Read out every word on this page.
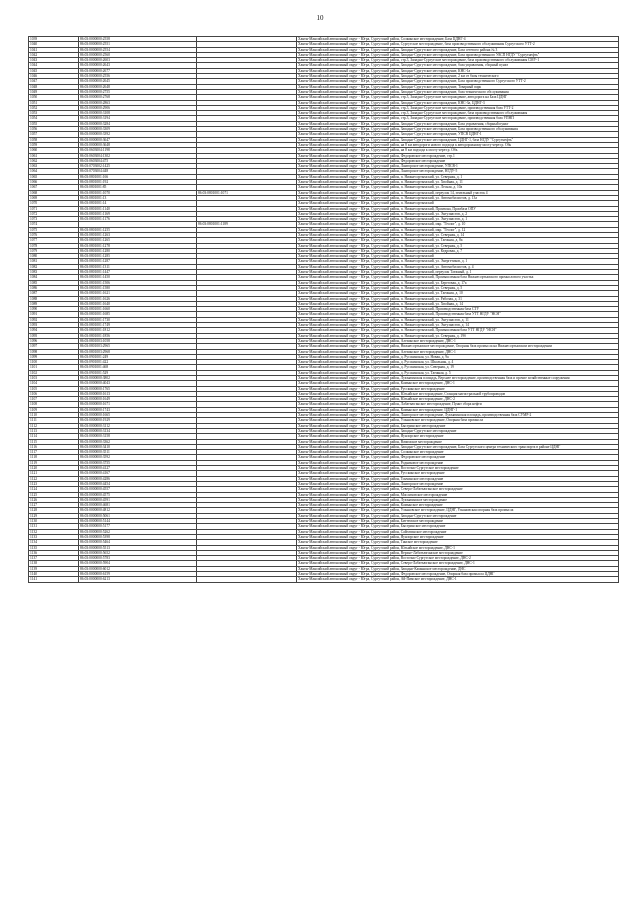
10
1039	86:03:0000000:2558		Ханты-Мансийский автономный округ - Югра, Сургутский район, Солкинское месторождение, База ЦДНГ-4
1040	86:03:0000000:2551		Ханты-Мансийский автономный округ - Югра, Сургутский район, Сургутское месторождение, база производственного обслуживания Сургутского УТТ-2
1041	86:03:0000000:2554		Ханты-Мансийский автономный округ - Югра, Сургутский район, Западно-Сургутское месторождение, База сетевого района № 3
1042	86:03:0000000:2560		Ханты-Мансийский автономный округ - Югра, Сургутский район, Западно-Сургутское месторождение, База производственного УАСП НГДУ "Сургутнефть"
1043	86:03:0000000:2603		Ханты-Мансийский автономный округ - Югра, Сургутский район, стр.3, Западно-Сургутское месторождение, база производственного обслуживания СМУ-1
1044	86:03:0000000:2643		Ханты-Мансийский автономный округ - Югра, Сургутский район, Западно-Сургутское месторождение, база управления, сборный пункт
1045	86:03:0000000:2677		Ханты-Мансийский автономный округ - Югра, Сургутский район, Западно-Сургутское месторождение, КНС-1а
1046	86:03:0000000:2556		Ханты-Мансийский автономный округ - Югра, Сургутский район, Западно-Сургутское месторождение, 2 км от базы технического
1047	86:03:0000000:2645		Ханты-Мансийский автономный округ - Югра, Сургутский район, Западно-Сургутское месторождение, База производственного Сургутского УТТ-2
1048	86:03:0000000:2648		Ханты-Мансийский автономный округ - Югра, Сургутский район, Западно-Сургутское месторождение, Товарный парк
1049	86:03:0000000:2755		Ханты-Мансийский автономный округ - Югра, Сургутский район, Западно-Сургутское месторождение, база технического обслуживания
1050	86:03:0000000:2768		Ханты-Мансийский автономный округ - Югра, Сургутский район, стр.3, Западно-Сургутское месторождение, автодорога на База ЦДНГ
1051	86:03:0000000:2863		Ханты-Мансийский автономный округ - Югра, Сургутский район, Западно-Сургутское месторождение, КНС-3а, ЦДНГ-3
1052	86:03:0000000:2906		Ханты-Мансийский автономный округ - Югра, Сургутский район, стр.3, Западно-Сургутское месторождение, производственная база УТТ-2
1053	86:03:0000000:3108		Ханты-Мансийский автономный округ - Югра, Сургутский район, стр.3, Западно-Сургутское месторождение, база производственного обслуживания
1054	86:03:0000000:3194		Ханты-Мансийский автономный округ - Югра, Сургутский район, стр.3, Западно-Сургутское месторождение, производственная база УПНП
1055	86:03:0000000:3284		Ханты-Мансийский автономный округ - Югра, Сургутский район, Западно-Сургутское месторождение, База управления, сборный пункт
1056	86:03:0000000:3309		Ханты-Мансийский автономный округ - Югра, Сургутский район, Западно-Сургутское месторождение, База производственного обслуживания
1057	86:03:0000000:3392		Ханты-Мансийский автономный округ - Югра, Сургутский район, Западно-Сургутское месторождение, УПСВ ЦДНГ-1
1058	86:03:0000000:3647		Ханты-Мансийский автономный округ - Югра, Сургутский район, Западно-Сургутское месторождение, ЦДНГ-1, база НГДУ "Сургутнефть"
1059	86:03:0000000:3648		Ханты-Мансийский автономный округ - Югра, Сургутский район, на 8 км автодороги нового подхода к автодорожному мосту через р. Обь
1060	86:03:0603004:1198		Ханты-Мансийский автономный округ - Югра, Сургутский район, на 8 км подхода к мосту через р. Обь
1061	86:03:0603004:1302		Ханты-Мансийский автономный округ - Югра, Сургутский район, Федоровское месторождение, стр.1
1062	86:03:0603004:475		Ханты-Мансийский автономный округ - Югра, Сургутский район, Федоровское месторождение
1063	86:03:0703002:1425		Ханты-Мансийский автономный округ - Югра, Сургутский район, Лянторское месторождение, УПСВ-1
1064	86:03:0703004:448		Ханты-Мансийский автономный округ - Югра, Сургутский район, Лянторское месторождение, НГДУ-5
1065	86:03:0801001:166		Ханты-Мансийский автономный округ - Югра, Сургутский район, п. Нижнесортымский, ул. Северная, д. 1
1066	86:03:0801001:192		Ханты-Мансийский автономный округ - Югра, Сургутский район, п. Нижнесортымский, ул. Хвойная, д. 11
1067	86:03:0801001:85		Ханты-Мансийский автономный округ - Югра, Сургутский район, п. Нижнесортымский, ул. Лесная, д. 10а
1068	86:03:0801001:1070	86:03:0801001:1071	Ханты-Мансийский автономный округ - Югра, Сургутский район, п. Нижнесортымский, переулок 14, земельный участок 4
1069	86:03:0801001:13		Ханты-Мансийский автономный округ - Югра, Сургутский район, п. Нижнесортымский, ул. Автомобилистов, д. 13а
1070	86:03:0801001:14		Ханты-Мансийский автономный округ - Югра, Сургутский район, п. Нижнесортымский
1071	86:03:0801001:1140		Ханты-Мансийский автономный округ - Югра, Сургутский район, п. Нижнесортымский, Промзона, Промбаза ОПУ
1072	86:03:0801001:1169		Ханты-Мансийский автономный округ - Югра, Сургутский район, п. Нижнесортымский, ул. Энтузиастов, д. 2
1073	86:03:0801001:1176		Ханты-Мансийский автономный округ - Югра, Сургутский район, п. Нижнесортымский, ул. Энтузиастов, д. 1
1074		86:03:0801001:1189	Ханты-Мансийский автономный округ - Югра, Сургутский район, п. Нижнесортымский, мкр. "Геолог", д. 10
1075	86:03:0801001:1255		Ханты-Мансийский автономный округ - Югра, Сургутский район, п. Нижнесортымский, мкр. "Геолог", д. 12
1076	86:03:0801001:1263		Ханты-Мансийский автономный округ - Югра, Сургутский район, п. Нижнесортымский, ул. Северная, д. 14
1077	86:03:0801001:1265		Ханты-Мансийский автономный округ - Югра, Сургутский район, п. Нижнесортымский, ул. Таежная, д. 8а
1078	86:03:0801001:1278		Ханты-Мансийский автономный округ - Югра, Сургутский район, п. Нижнесортымский, ул. Северная, д. 5
1079	86:03:0801001:1280		Ханты-Мансийский автономный округ - Югра, Сургутский район, п. Нижнесортымский, ул. Кедровая, д. 7
1080	86:03:0801001:1285		Ханты-Мансийский автономный округ - Югра, Сургутский район, п. Нижнесортымский
1081	86:03:0801001:1287		Ханты-Мансийский автономный округ - Югра, Сургутский район, п. Нижнесортымский, ул. Энергетиков, д. 1
1082	86:03:0801001:1311		Ханты-Мансийский автономный округ - Югра, Сургутский район, п. Нижнесортымский, ул. Автомобилистов, д. 4
1083	86:03:0801001:1447		Ханты-Мансийский автономный округ - Югра, Сургутский район, п. Нижнесортымский, переулок Таежный, д. 1
1084	86:03:0801001:1450		Ханты-Мансийский автономный округ - Югра, Сургутский район, п. Нижнесортымский, Промышленная база Нижнесортымского промыслового участка
1085	86:03:0801001:1506		Ханты-Мансийский автономный округ - Югра, Сургутский район, п. Нижнесортымский, ул. Береговая, д. 17а
1086	86:03:0801001:1580		Ханты-Мансийский автономный округ - Югра, Сургутский район, п. Нижнесортымский, ул. Северная, д. 5
1087	86:03:0801001:1621		Ханты-Мансийский автономный округ - Югра, Сургутский район, п. Нижнесортымский, ул. Таежная, д. 10
1088	86:03:0801001:1626		Ханты-Мансийский автономный округ - Югра, Сургутский район, п. Нижнесортымский, ул. Рабочая, д. 31
1089	86:03:0801001:1640		Ханты-Мансийский автономный округ - Югра, Сургутский район, п. Нижнесортымский, ул. Хвойная, д. 14
1090	86:03:0801001:1660		Ханты-Мансийский автономный округ - Югра, Сургутский район, п. Нижнесортымский, Производственная база СТУ
1091	86:03:0801001:1685		Ханты-Мансийский автономный округ - Югра, Сургутский район, п. Нижнесортымский, Производственная база УТТ НГДУ "НСН"
1092	86:03:0801001:1730		Ханты-Мансийский автономный округ - Югра, Сургутский район, п. Нижнесортымский, ул. Энтузиастов, д. 11
1093	86:03:0801001:1749		Ханты-Мансийский автономный округ - Югра, Сургутский район, п. Нижнесортымский, ул. Энтузиастов, д. 14
1094	86:03:0801001:1812		Ханты-Мансийский автономный округ - Югра, Сургутский район, п. Нижнесортымский, Промышленная база УТТ НГДУ "НСН"
1095	86:03:0801001:1856		Ханты-Мансийский автономный округ - Югра, Сургутский район, п. Нижнесортымский, ул. Северная, д. 19б
1096	86:03:0801003:1058		Ханты-Мансийский автономный округ - Югра, Сургутский район, Алехинское месторождение, ДНС-1
1097	86:03:0801003:2965		Ханты-Мансийский автономный округ - Югра, Сургутский район, Нижнесортымское месторождение, Опорная база промысла на Нижнесортымском месторождении
1098	86:03:0801003:2968		Ханты-Мансийский автономный округ - Югра, Сургутский район, Алехинское месторождение, ДНС-1
1099	86:03:0901001:249		Ханты-Мансийский автономный округ - Югра, Сургутский район, д. Русскинская, ул. Новая, д. 9а
1100	86:03:0901001:422		Ханты-Мансийский автономный округ - Югра, Сургутский район, д. Русскинская, ул. Школьная, д. 4
1101	86:03:0901001:468		Ханты-Мансийский автономный округ - Югра, Сургутский район, д. Русскинская, ул. Северная, д. 19
1102	86:03:0901001:529		Ханты-Мансийский автономный округ - Югра, Сургутский район, д. Русскинская, ул. Таежная, д. 5
1103	86:03:0000000:3802		Ханты-Мансийский автономный округ - Югра, Сургутский район, Лукъявинская площадь, Верхнее месторождение, производственная база и прочие хозяйственные сооружения
1104	86:03:0000000:4043		Ханты-Мансийский автономный округ - Югра, Сургутский район, Камынское месторождение, ДНС-1
1105	86:03:0000000:1765		Ханты-Мансийский автономный округ - Югра, Сургутский район, Русскинское месторождение
1106	86:03:0000000:1613		Ханты-Мансийский автономный округ - Югра, Сургутский район, Юльяйское месторождение, Станция магистральной трубопроводов
1107	86:03:0000000:1649		Ханты-Мансийский автономный округ - Югра, Сургутский район, Юльяйское месторождение, ДНС-2
1108	86:03:0000000:1671		Ханты-Мансийский автономный округ - Югра, Сургутский район, Лабатъюганское месторождение, Пункт сбора нефти
1109	86:03:0000000:1743		Ханты-Мансийский автономный округ - Югра, Сургутский район, Камынское месторождение, ЦДНГ-1
1110	86:03:0000000:1665		Ханты-Мансийский автономный округ - Югра, Сургутский район, Лянторское месторождение, Лукъявинская площадь, производственная база СУМР-2
1111	86:03:0000000:1929		Ханты-Мансийский автономный округ - Югра, Сургутский район, Ульяновское месторождение, Опорная база промысла
1112	86:03:0000000:3112		Ханты-Мансийский автономный округ - Югра, Сургутский район, Быстринское месторождение
1113	86:03:0000000:3134		Ханты-Мансийский автономный округ - Югра, Сургутский район, Западно-Сургутское месторождение
1114	86:03:0000000:3158		Ханты-Мансийский автономный округ - Югра, Сургутский район, Яунлорское месторождение
1115	86:03:0000000:3362		Ханты-Мансийский автономный округ - Югра, Сургутский район, Вачимское месторождение
1116	86:03:0000000:3410		Ханты-Мансийский автономный округ - Югра, Сургутский район, Западно-Сургутское месторождение, База Сургутского центра технического транспорта в районе ЦДНГ
1117	86:03:0000000:3511		Ханты-Мансийский автономный округ - Югра, Сургутский район, Солкинское месторождение
1118	86:03:0000000:3592		Ханты-Мансийский автономный округ - Югра, Сургутский район, Федоровское месторождение
1119	86:03:0000000:3755		Ханты-Мансийский автономный округ - Югра, Сургутский район, Родниковое месторождение
1120	86:03:0000000:4127		Ханты-Мансийский автономный округ - Югра, Сургутский район, Восточно-Сургутское месторождение
1121	86:03:0000000:4167		Ханты-Мансийский автономный округ - Югра, Сургутский район, Русскинское месторождение
1122	86:03:0000000:4286		Ханты-Мансийский автономный округ - Югра, Сургутский район, Тончинское месторождение
1123	86:03:0000000:4454		Ханты-Мансийский автономный округ - Югра, Сургутский район, Лянторское месторождение
1124	86:03:0000000:4557		Ханты-Мансийский автономный округ - Югра, Сургутский район, Северо-Лабатъюганское месторождение
1125	86:03:0000000:4575		Ханты-Мансийский автономный округ - Югра, Сургутский район, Маслиховское месторождение
1126	86:03:0000000:4591		Ханты-Мансийский автономный округ - Югра, Сургутский район, Лукъявинское месторождение
1127	86:03:0000000:4681		Ханты-Мансийский автономный округ - Югра, Сургутский район, Камынское месторождение
1128	86:03:0000000:4812		Ханты-Мансийский автономный округ - Югра, Сургутский район, Ульяновское месторождение, ЦДНГ, Ульяновская опорная база промысла
1129	86:03:0000000:5061		Ханты-Мансийский автономный округ - Югра, Сургутский район, Западно-Сургутское месторождение
1130	86:03:0000000:5144		Ханты-Мансийский автономный округ - Югра, Сургутский район, Биттемское месторождение
1131	86:03:0000000:5177		Ханты-Мансийский автономный округ - Югра, Сургутский район, Быстринское месторождение
1132	86:03:0000000:5262		Ханты-Мансийский автономный округ - Югра, Сургутский район, Сайгатинское месторождение
1133	86:03:0000000:5398		Ханты-Мансийский автономный округ - Югра, Сургутский район, Яунлорское месторождение
1134	86:03:0000000:5464		Ханты-Мансийский автономный округ - Югра, Сургутский район, Тянское месторождение
1135	86:03:0000000:5513		Ханты-Мансийский автономный округ - Югра, Сургутский район, Юльяйское месторождение, ДНС-1
1136	86:03:0000000:5652		Ханты-Мансийский автономный округ - Югра, Сургутский район, Верхне-Лабатъюганское месторождение
1137	86:03:0000000:5783		Ханты-Мансийский автономный округ - Югра, Сургутский район, Восточно-Сургутское месторождение, ДНС-2
1138	86:03:0000000:5904		Ханты-Мансийский автономный округ - Югра, Сургутский район, Северо-Лабатъюганское месторождение, ДНС-1
1139	86:03:0000000:6012		Ханты-Мансийский автономный округ - Югра, Сургутский район, Западно-Камынское месторождение, ДНС
1140	86:03:0000000:6159		Ханты-Мансийский автономный округ - Югра, Сургутский район, Федоровское месторождение, Опорная база промысла ЦДНГ
1141	86:03:0000000:6213		Ханты-Мансийский автономный округ - Югра, Сургутский район, Ай-Пимское месторождение, ДНС-1
